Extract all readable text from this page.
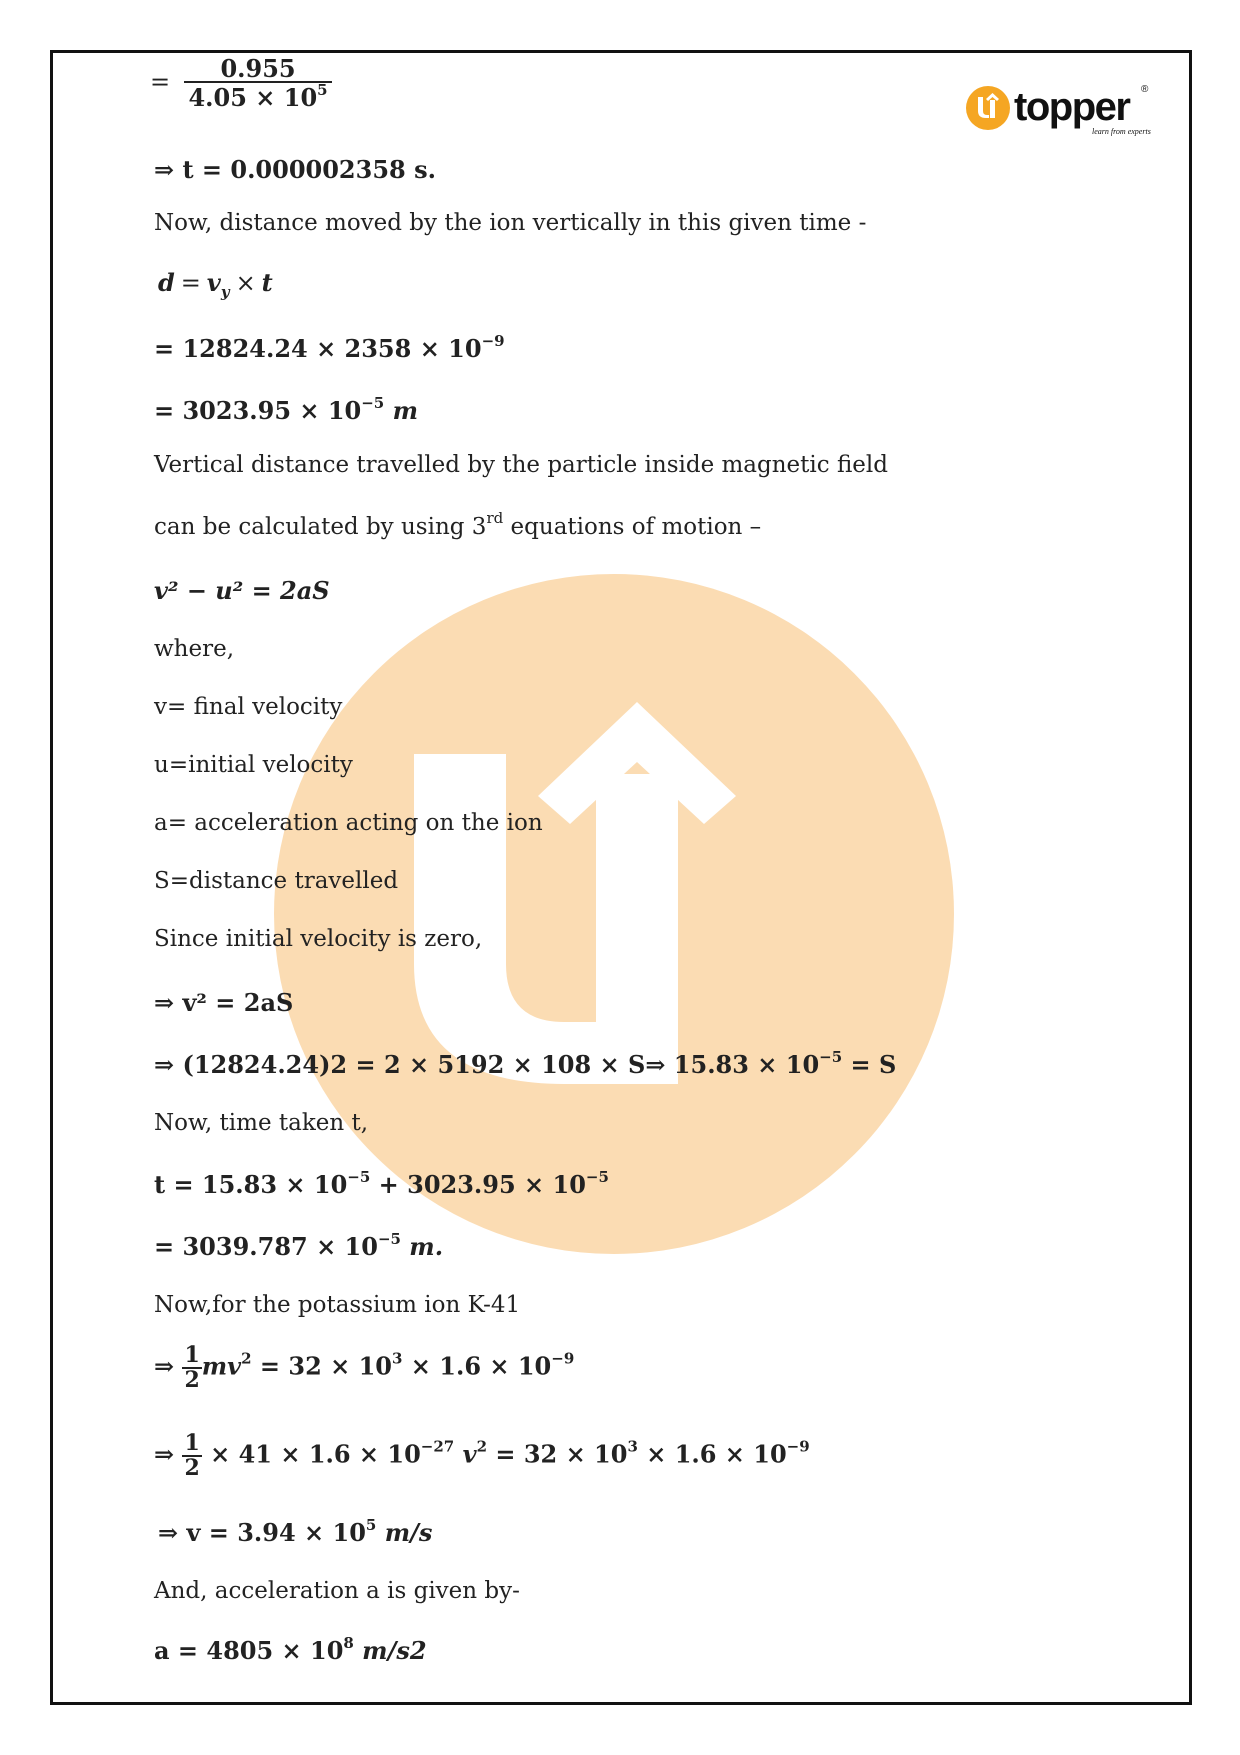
topper ®
learn from experts
= $\frac{0.955}{4.05 \times 10^5}$
⇒ t = 0.000002358 s.
Now, distance moved by the ion vertically in this given time -
$d = v_y \times t$
= $12824.24 \times 2358 \times 10^{-9}$
= $3023.95 \times 10^{-5}$ m
Vertical distance travelled by the particle inside magnetic field
can be calculated by using 3rd equations of motion –
v² − u² = 2aS
where,
v= final velocity
u=initial velocity
a= acceleration acting on the ion
S=distance travelled
Since initial velocity is zero,
⇒ v² = 2aS
⇒ (12824.24)2 = 2 × 5192 × 108 × S⇒ $15.83 \times 10^{-5} = S$
Now, time taken t,
$t = 15.83 \times 10^{-5} + 3023.95 \times 10^{-5}$
= $3039.787 \times 10^{-5}$ m.
Now,for the potassium ion K-41
⇒ $\frac{1}{2} mv^2 = 32 \times 10^3 \times 1.6 \times 10^{-9}$
⇒ $\frac{1}{2} \times 41 \times 1.6 \times 10^{-27}$ $v^2 = 32 \times 10^3 \times 1.6 \times 10^{-9}$
⇒ $v = 3.94 \times 10^5$ m/s
And, acceleration a is given by-
$a = 4805 \times 10^8$ m/s2
